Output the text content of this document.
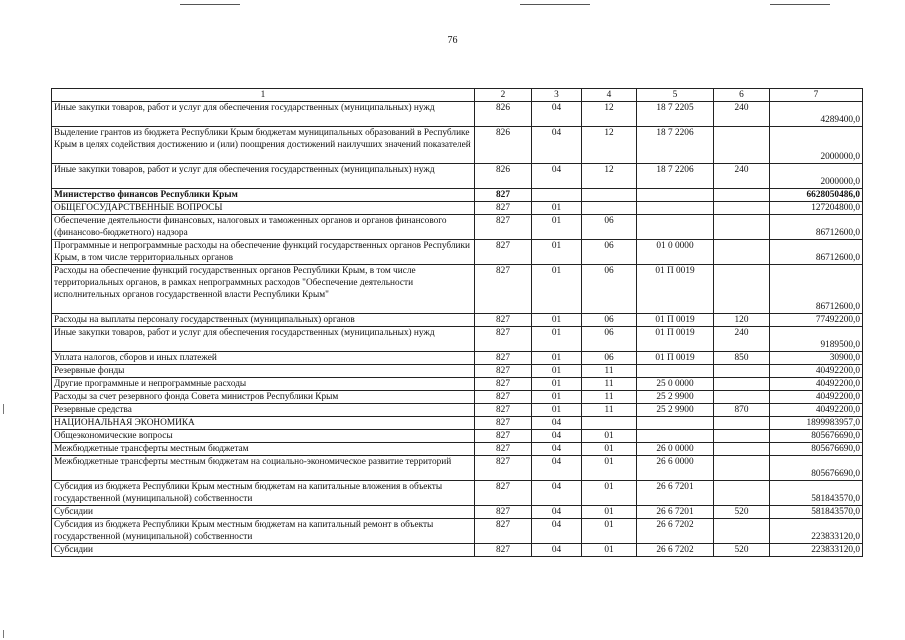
76
1	2	3	4	5	6	7
Иные закупки товаров, работ и услуг для обеспечения государственных (муниципальных) нужд	826	04	12	18 7 2205	240	4289400,0
Выделение грантов из бюджета Республики Крым бюджетам муниципальных образований в Республике Крым в целях содействия достижению и (или) поощрения достижений наилучших значений показателей	826	04	12	18 7 2206		2000000,0
Иные закупки товаров, работ и услуг для обеспечения государственных (муниципальных) нужд	826	04	12	18 7 2206	240	2000000,0
Министерство финансов Республики Крым	827					6628050486,0
ОБЩЕГОСУДАРСТВЕННЫЕ ВОПРОСЫ	827	01				127204800,0
Обеспечение деятельности финансовых, налоговых и таможенных органов и органов финансового (финансово-бюджетного) надзора	827	01	06			86712600,0
Программные и непрограммные расходы на обеспечение функций государственных органов Республики Крым, в том числе территориальных органов	827	01	06	01 0 0000		86712600,0
Расходы на обеспечение функций государственных органов Республики Крым, в том числе территориальных органов, в рамках непрограммных расходов "Обеспечение деятельности исполнительных органов государственной власти Республики Крым"	827	01	06	01 П 0019		86712600,0
Расходы на выплаты персоналу государственных (муниципальных) органов	827	01	06	01 П 0019	120	77492200,0
Иные закупки товаров, работ и услуг для обеспечения государственных (муниципальных) нужд	827	01	06	01 П 0019	240	9189500,0
Уплата налогов, сборов и иных платежей	827	01	06	01 П 0019	850	30900,0
Резервные фонды	827	01	11			40492200,0
Другие программные и непрограммные расходы	827	01	11	25 0 0000		40492200,0
Расходы за счет резервного фонда Совета министров Республики Крым	827	01	11	25 2 9900		40492200,0
Резервные средства	827	01	11	25 2 9900	870	40492200,0
НАЦИОНАЛЬНАЯ ЭКОНОМИКА	827	04				1899983957,0
Общеэкономические вопросы	827	04	01			805676690,0
Межбюджетные трансферты местным бюджетам	827	04	01	26 0 0000		805676690,0
Межбюджетные трансферты местным бюджетам на социально-экономическое развитие территорий	827	04	01	26 6 0000		805676690,0
Субсидия из бюджета Республики Крым местным бюджетам на капитальные вложения в объекты государственной (муниципальной) собственности	827	04	01	26 6 7201		581843570,0
Субсидии	827	04	01	26 6 7201	520	581843570,0
Субсидия из бюджета Республики Крым местным бюджетам на капитальный ремонт в объекты государственной (муниципальной) собственности	827	04	01	26 6 7202		223833120,0
Субсидии	827	04	01	26 6 7202	520	223833120,0
